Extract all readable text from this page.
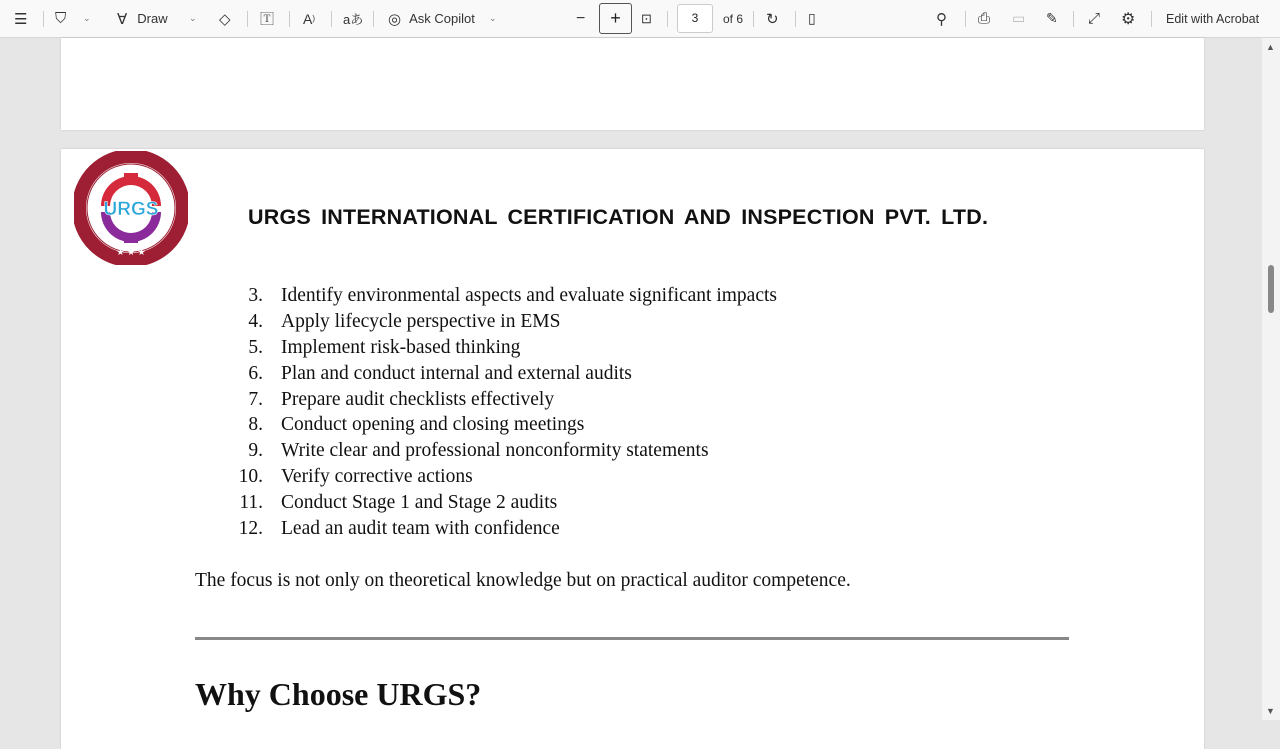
☰ ⛉ ⌄ ∀ Draw ⌄ ◇ 🅃 A ) aあ ◎ Ask Copilot ⌄	−	+	⊡	3	of 6 ↻ ▯	⚲ ⎙ ▭ ✎ ⤢ ⚙ Edit with Acrobat
URGS
★ ★ ★
URGS INTERNATIONAL CERTIFICATION AND INSPECTION PVT. LTD.
3. Identify environmental aspects and evaluate significant impacts
4. Apply lifecycle perspective in EMS
5. Implement risk-based thinking
6. Plan and conduct internal and external audits
7. Prepare audit checklists effectively
8. Conduct opening and closing meetings
9. Write clear and professional nonconformity statements
10. Verify corrective actions
11. Conduct Stage 1 and Stage 2 audits
12. Lead an audit team with confidence
The focus is not only on theoretical knowledge but on practical auditor competence.
Why Choose URGS?
▲
▼
